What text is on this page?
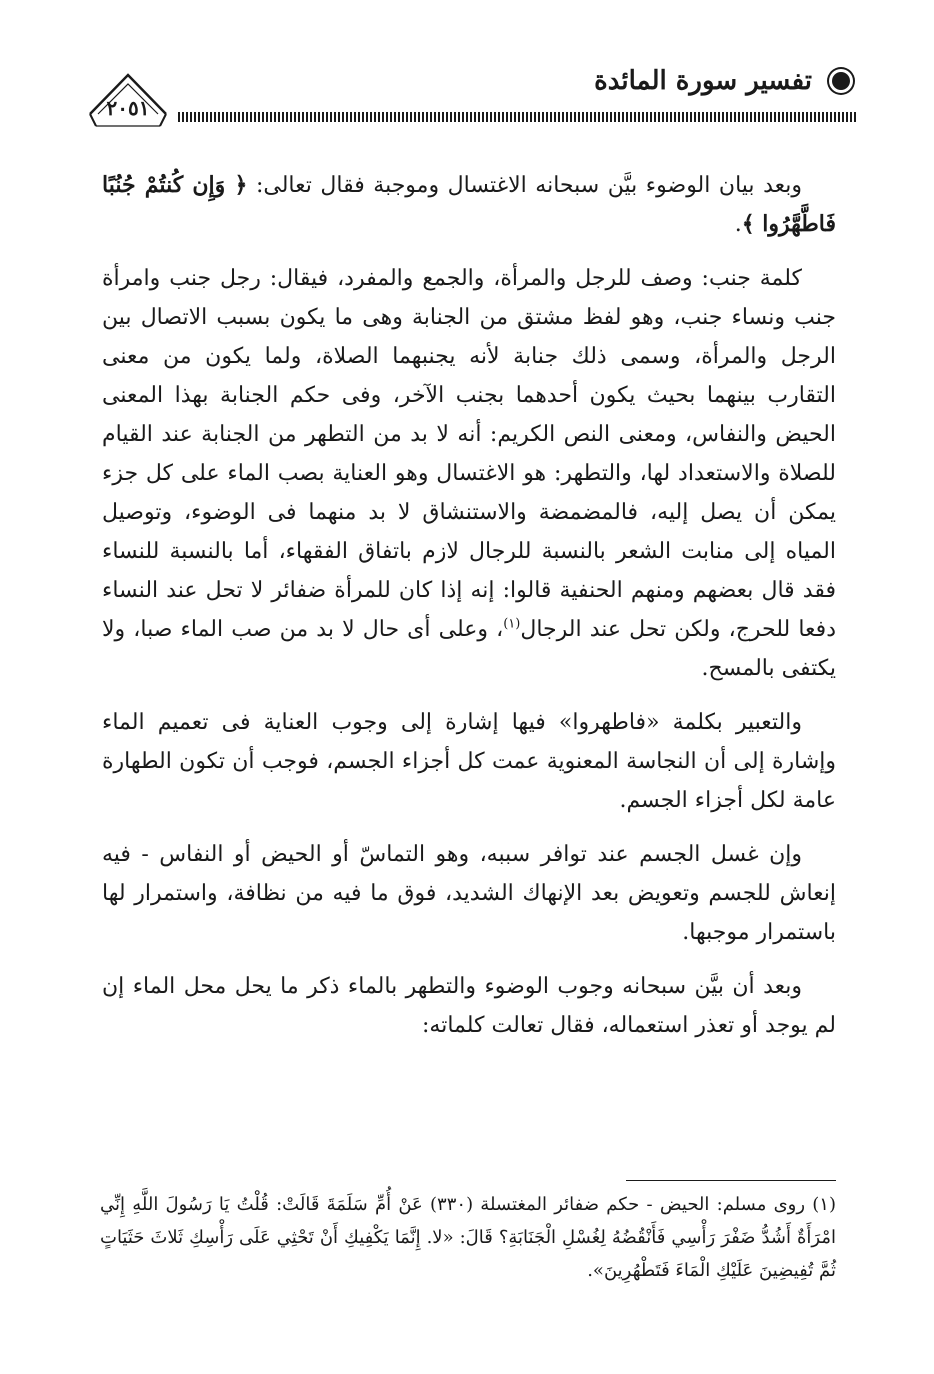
تفسير سورة المائدة
٢٠٥١

وبعد بيان الوضوء بيَّن سبحانه الاغتسال وموجبة فقال تعالى: ﴿ وَإِن كُنتُمْ جُنُبًا فَاطَّهَّرُوا ﴾.

كلمة جنب: وصف للرجل والمرأة، والجمع والمفرد، فيقال: رجل جنب وامرأة جنب ونساء جنب، وهو لفظ مشتق من الجنابة وهى ما يكون بسبب الاتصال بين الرجل والمرأة، وسمى ذلك جنابة لأنه يجنبهما الصلاة، ولما يكون من معنى التقارب بينهما بحيث يكون أحدهما بجنب الآخر، وفى حكم الجنابة بهذا المعنى الحيض والنفاس، ومعنى النص الكريم: أنه لا بد من التطهر من الجنابة عند القيام للصلاة والاستعداد لها، والتطهر: هو الاغتسال وهو العناية بصب الماء على كل جزء يمكن أن يصل إليه، فالمضمضة والاستنشاق لا بد منهما فى الوضوء، وتوصيل المياه إلى منابت الشعر بالنسبة للرجال لازم باتفاق الفقهاء، أما بالنسبة للنساء فقد قال بعضهم ومنهم الحنفية قالوا: إنه إذا كان للمرأة ضفائر لا تحل عند النساء دفعا للحرج، ولكن تحل عند الرجال$^{(١)}$، وعلى أى حال لا بد من صب الماء صبا، ولا يكتفى بالمسح.

والتعبير بكلمة «فاطهروا» فيها إشارة إلى وجوب العناية فى تعميم الماء وإشارة إلى أن النجاسة المعنوية عمت كل أجزاء الجسم، فوجب أن تكون الطهارة عامة لكل أجزاء الجسم.

وإن غسل الجسم عند توافر سببه، وهو التماسّ أو الحيض أو النفاس - فيه إنعاش للجسم وتعويض بعد الإنهاك الشديد، فوق ما فيه من نظافة، واستمرار لها باستمرار موجبها.

وبعد أن بيَّن سبحانه وجوب الوضوء والتطهر بالماء ذكر ما يحل محل الماء إن لم يوجد أو تعذر استعماله، فقال تعالت كلماته:

(١) روى مسلم: الحيض - حكم ضفائر المغتسلة (٣٣٠) عَنْ أُمِّ سَلَمَةَ قَالَتْ: قُلْتُ يَا رَسُولَ اللَّهِ إِنِّي امْرَأَةٌ أَشُدُّ ضَفْرَ رَأْسِي فَأَنْقُضُهُ لِغُسْلِ الْجَنَابَةِ؟ قَالَ: «لا. إِنَّمَا يَكْفِيكِ أَنْ تَحْثِي عَلَى رَأْسِكِ ثَلاثَ حَثَيَاتٍ ثُمَّ تُفِيضِينَ عَلَيْكِ الْمَاءَ فَتَطْهُرِينَ».
